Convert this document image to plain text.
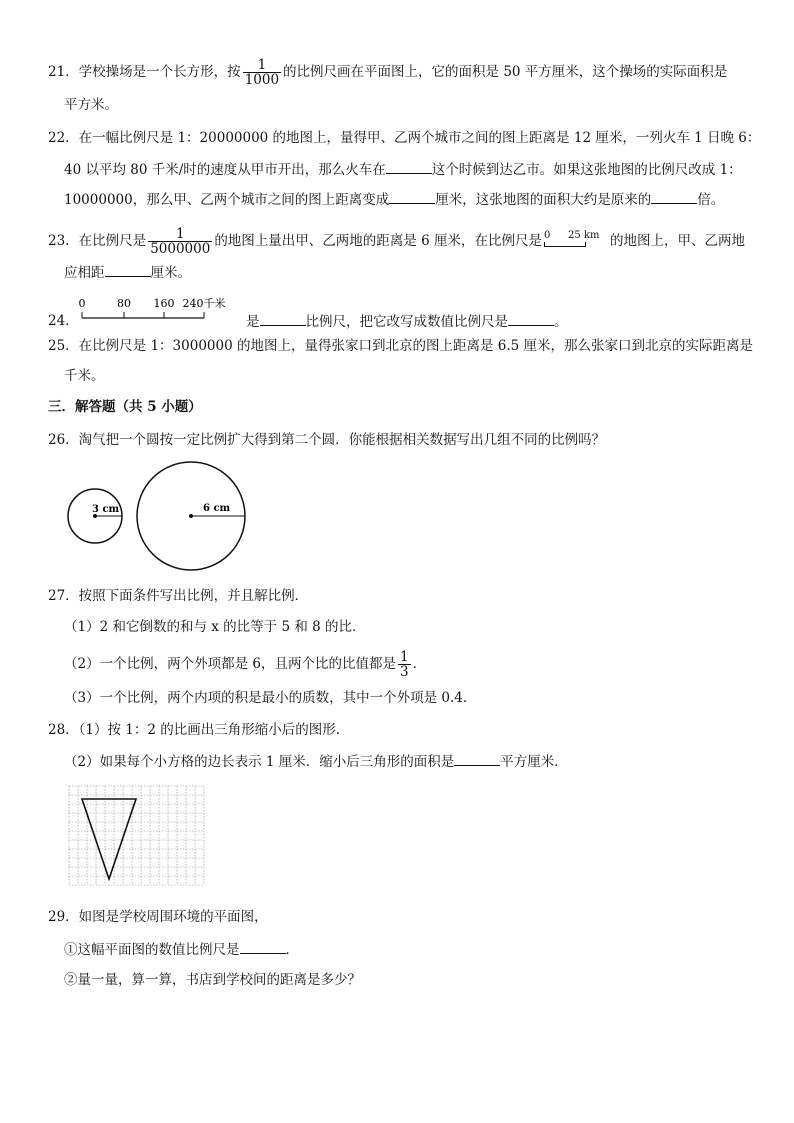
21．学校操场是一个长方形，按 $\frac{1}{1000}$ 的比例尺画在平面图上，它的面积是 50 平方厘米，这个操场的实际面积是
平方米。
22．在一幅比例尺是 1：20000000 的地图上，量得甲、乙两个城市之间的图上距离是 12 厘米，一列火车 1 日晚 6：
40 以平均 80 千米/时的速度从甲市开出，那么火车在	这个时候到达乙市。如果这张地图的比例尺改成 1：
10000000，那么甲、乙两个城市之间的图上距离变成	厘米，这张地图的面积大约是原来的	倍。
23．在比例尺是 $\frac{1}{5000000}$ 的地图上量出甲、乙两地的距离是 6 厘米，在比例尺是 0 25 km 的地图上，甲、乙两地
应相距	厘米。
24．
0	80 160 240千米
是	比例尺，把它改写成数值比例尺是	。
25．在比例尺是 1：3000000 的地图上，量得张家口到北京的图上距离是 6.5 厘米，那么张家口到北京的实际距离是
千米。
三．解答题（共 5 小题）
26．淘气把一个圆按一定比例扩大得到第二个圆．你能根据相关数据写出几组不同的比例吗？
3 cm	6 cm
27．按照下面条件写出比例，并且解比例．
（1）2 和它倒数的和与 x 的比等于 5 和 8 的比．
（2）一个比例，两个外项都是 6，且两个比的比值都是 $\frac{1}{3}$ ．
（3）一个比例，两个内项的积是最小的质数，其中一个外项是 0.4．
28．（1）按 1：2 的比画出三角形缩小后的图形．
（2）如果每个小方格的边长表示 1 厘米．缩小后三角形的面积是	平方厘米．
29．如图是学校周围环境的平面图，
①这幅平面图的数值比例尺是	．
②量一量，算一算，书店到学校间的距离是多少？
